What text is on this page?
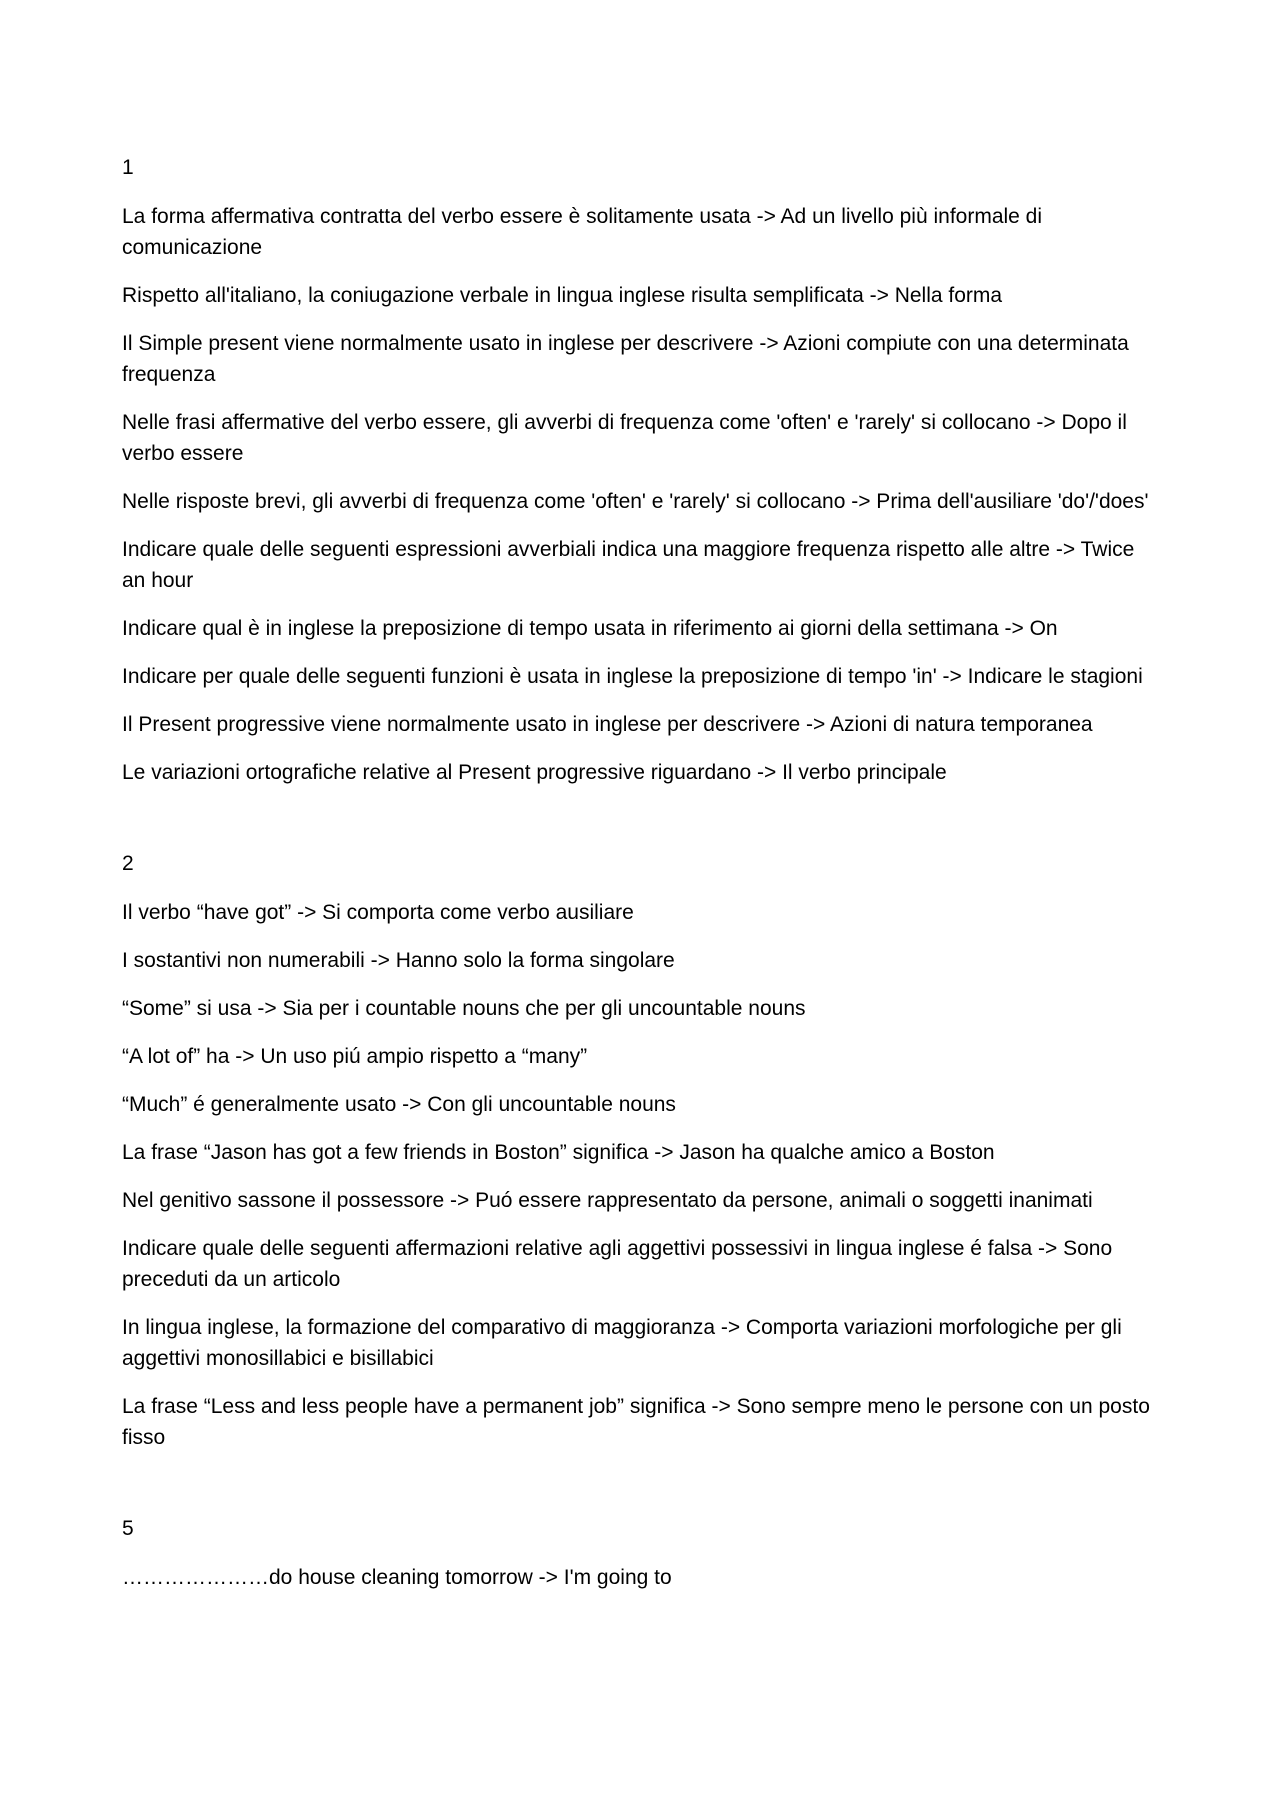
1
La forma affermativa contratta del verbo essere è solitamente usata -> Ad un livello più informale di comunicazione
Rispetto all'italiano, la coniugazione verbale in lingua inglese risulta semplificata -> Nella forma
Il Simple present viene normalmente usato in inglese per descrivere -> Azioni compiute con una determinata frequenza
Nelle frasi affermative del verbo essere, gli avverbi di frequenza come 'often' e 'rarely' si collocano -> Dopo il verbo essere
Nelle risposte brevi, gli avverbi di frequenza come 'often' e 'rarely' si collocano -> Prima dell'ausiliare 'do'/'does'
Indicare quale delle seguenti espressioni avverbiali indica una maggiore frequenza rispetto alle altre -> Twice an hour
Indicare qual è in inglese la preposizione di tempo usata in riferimento ai giorni della settimana -> On
Indicare per quale delle seguenti funzioni è usata in inglese la preposizione di tempo 'in' -> Indicare le stagioni
Il Present progressive viene normalmente usato in inglese per descrivere -> Azioni di natura temporanea
Le variazioni ortografiche relative al Present progressive riguardano -> Il verbo principale
2
Il verbo “have got” -> Si comporta come verbo ausiliare
I sostantivi non numerabili -> Hanno solo la forma singolare
“Some” si usa -> Sia per i countable nouns che per gli uncountable nouns
“A lot of” ha -> Un uso piú ampio rispetto a “many”
“Much” é generalmente usato -> Con gli uncountable nouns
La frase “Jason has got a few friends in Boston” significa -> Jason ha qualche amico a Boston
Nel genitivo sassone il possessore -> Puó essere rappresentato da persone, animali o soggetti inanimati
Indicare quale delle seguenti affermazioni relative agli aggettivi possessivi in lingua inglese é falsa -> Sono preceduti da un articolo
In lingua inglese, la formazione del comparativo di maggioranza -> Comporta variazioni morfologiche per gli aggettivi monosillabici e bisillabici
La frase “Less and less people have a permanent job” significa -> Sono sempre meno le persone con un posto fisso
5
…………………do house cleaning tomorrow -> I'm going to
